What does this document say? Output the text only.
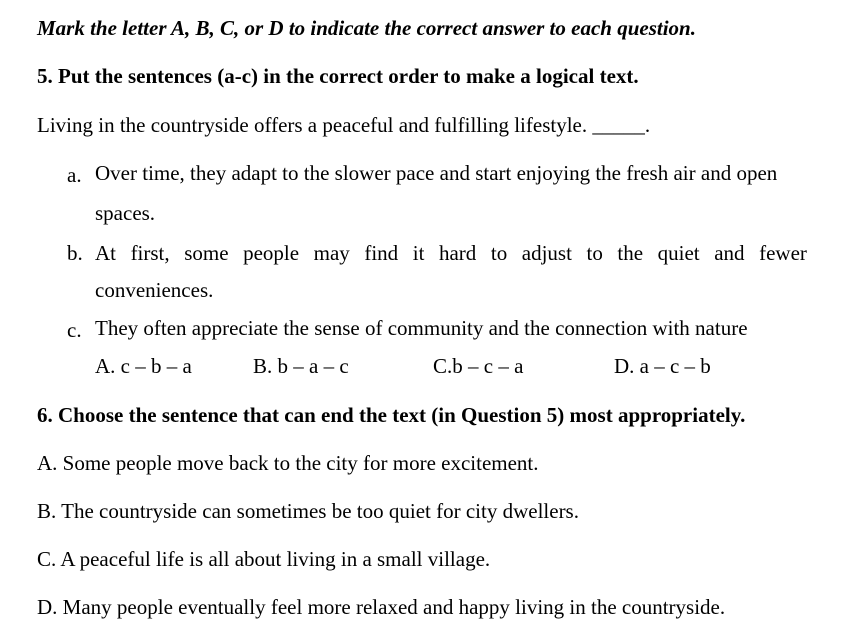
Mark the letter A, B, C, or D to indicate the correct answer to each question.
5. Put the sentences (a-c) in the correct order to make a logical text.
Living in the countryside offers a peaceful and fulfilling lifestyle. _____.
a. Over time, they adapt to the slower pace and start enjoying the fresh air and open
spaces.
b. At first, some people may find it hard to adjust to the quiet and fewer
conveniences.
c. They often appreciate the sense of community and the connection with nature
A. c – b – a	B. b – a – c	C.b – c – a	D. a – c – b
6. Choose the sentence that can end the text (in Question 5) most appropriately.
A. Some people move back to the city for more excitement.
B. The countryside can sometimes be too quiet for city dwellers.
C. A peaceful life is all about living in a small village.
D. Many people eventually feel more relaxed and happy living in the countryside.
